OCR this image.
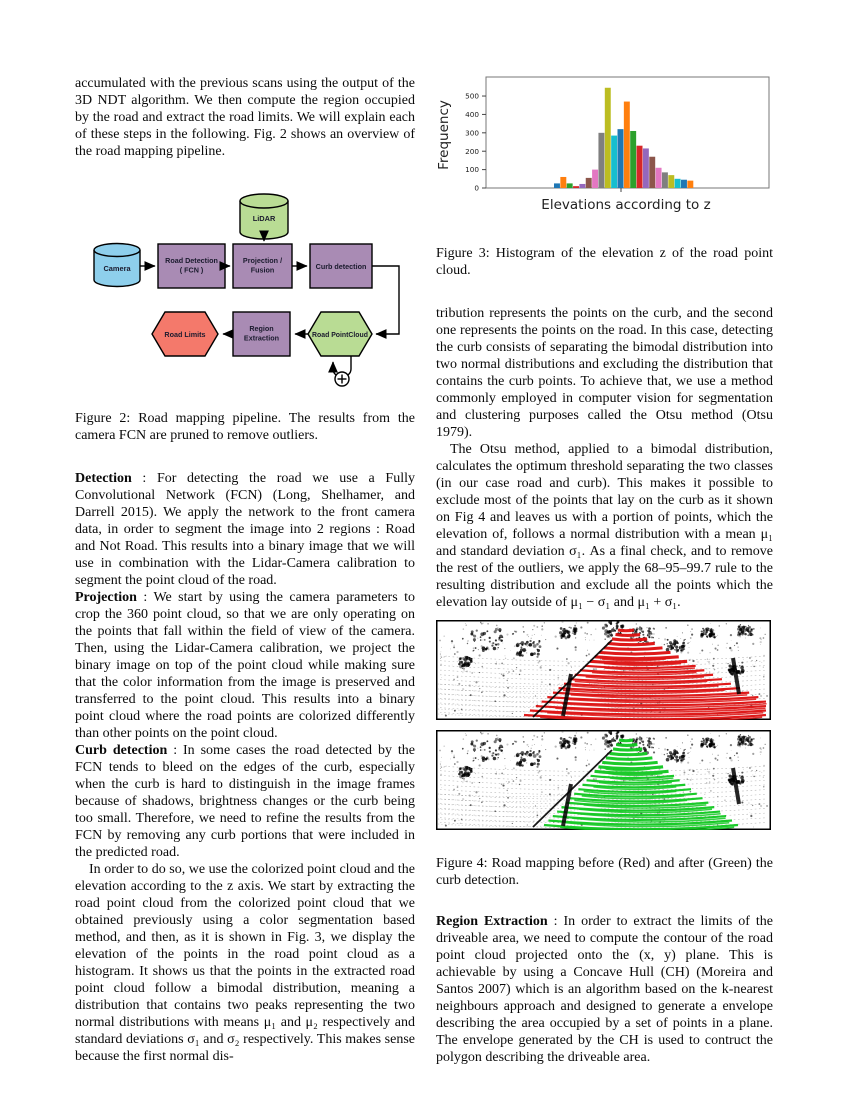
accumulated with the previous scans using the output of the 3D NDT algorithm. We then compute the region occupied by the road and extract the road limits. We will explain each of these steps in the following. Fig. 2 shows an overview of the road mapping pipeline.

LiDAR
Camera
Road Detection ( FCN )
Projection / Fusion	Curb detection
Road PointCloud
Region Extraction
Road Limits

Figure 2: Road mapping pipeline. The results from the camera FCN are pruned to remove outliers.

Detection : For detecting the road we use a Fully Convolutional Network (FCN) (Long, Shelhamer, and Darrell 2015). We apply the network to the front camera data, in order to segment the image into 2 regions : Road and Not Road. This results into a binary image that we will use in combination with the Lidar-Camera calibration to segment the point cloud of the road.

Projection : We start by using the camera parameters to crop the 360 point cloud, so that we are only operating on the points that fall within the field of view of the camera. Then, using the Lidar-Camera calibration, we project the binary image on top of the point cloud while making sure that the color information from the image is preserved and transferred to the point cloud. This results into a binary point cloud where the road points are colorized differently than other points on the point cloud.

Curb detection : In some cases the road detected by the FCN tends to bleed on the edges of the curb, especially when the curb is hard to distinguish in the image frames because of shadows, brightness changes or the curb being too small. Therefore, we need to refine the results from the FCN by removing any curb portions that were included in the predicted road.

In order to do so, we use the colorized point cloud and the elevation according to the z axis. We start by extracting the road point cloud from the colorized point cloud that we obtained previously using a color segmentation based method, and then, as it is shown in Fig. 3, we display the elevation of the points in the road point cloud as a histogram. It shows us that the points in the extracted road point cloud follow a bimodal distribution, meaning a distribution that contains two peaks representing the two normal distributions with means μ₁ and μ₂ respectively and standard deviations σ₁ and σ₂ respectively. This makes sense because the first normal dis-

0
100
200
300
400
500
Elevations according to z
Frequency

Figure 3: Histogram of the elevation z of the road point cloud.

tribution represents the points on the curb, and the second one represents the points on the road. In this case, detecting the curb consists of separating the bimodal distribution into two normal distributions and excluding the distribution that contains the curb points. To achieve that, we use a method commonly employed in computer vision for segmentation and clustering purposes called the Otsu method (Otsu 1979).

The Otsu method, applied to a bimodal distribution, calculates the optimum threshold separating the two classes (in our case road and curb). This makes it possible to exclude most of the points that lay on the curb as it shown on Fig 4 and leaves us with a portion of points, which the elevation of, follows a normal distribution with a mean μ₁ and standard deviation σ₁. As a final check, and to remove the rest of the outliers, we apply the 68–95–99.7 rule to the resulting distribution and exclude all the points which the elevation lay outside of μ₁ − σ₁ and μ₁ + σ₁.

Figure 4: Road mapping before (Red) and after (Green) the curb detection.

Region Extraction : In order to extract the limits of the driveable area, we need to compute the contour of the road point cloud projected onto the (x, y) plane. This is achievable by using a Concave Hull (CH) (Moreira and Santos 2007) which is an algorithm based on the k-nearest neighbours approach and designed to generate a envelope describing the area occupied by a set of points in a plane. The envelope generated by the CH is used to contruct the polygon describing the driveable area.
